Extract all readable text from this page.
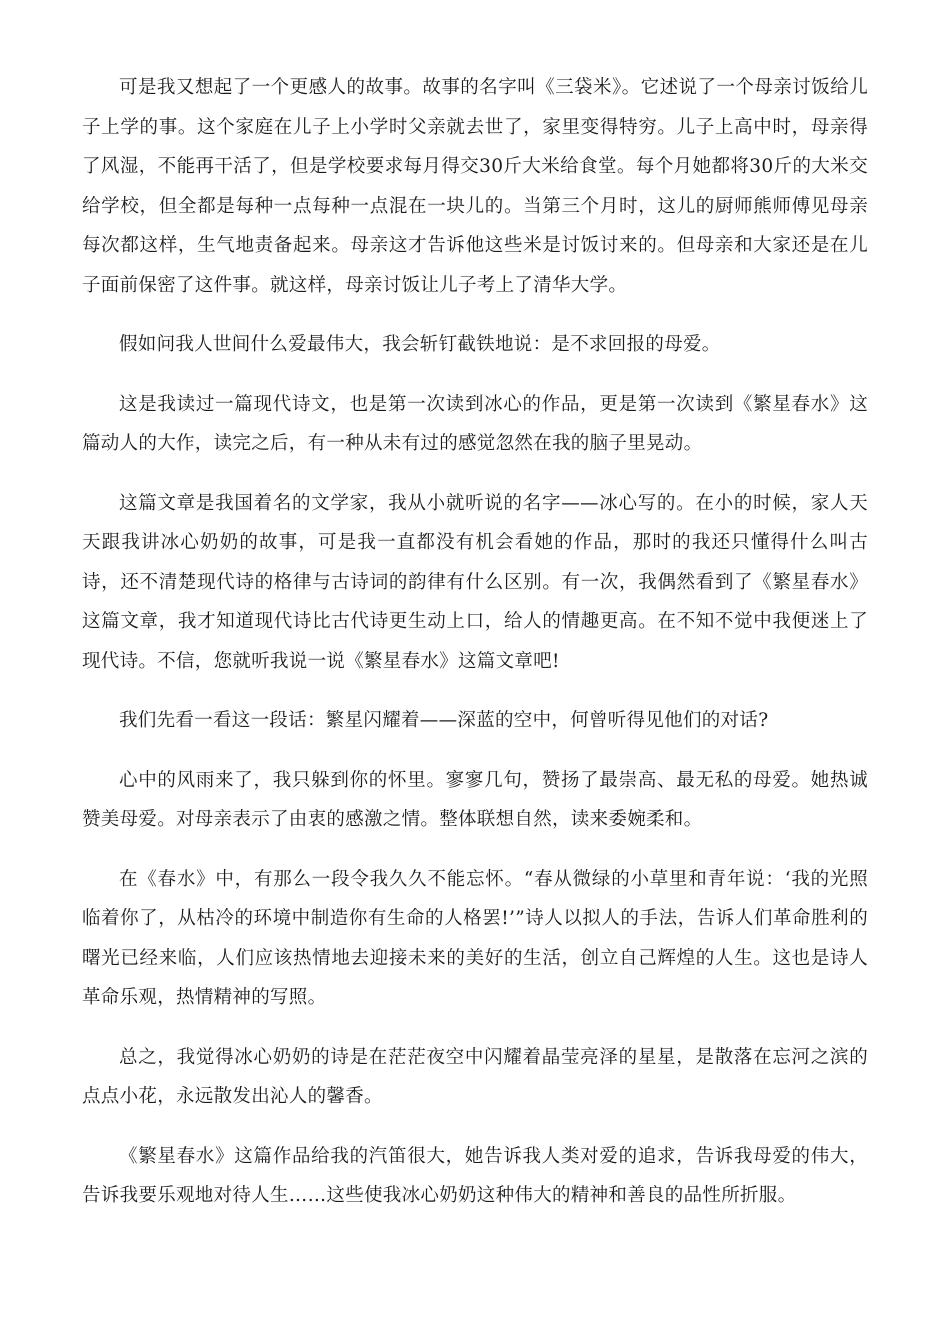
可是我又想起了一个更感人的故事。故事的名字叫《三袋米》。它述说了一个母亲讨饭给儿子上学的事。这个家庭在儿子上小学时父亲就去世了，家里变得特穷。儿子上高中时，母亲得了风湿，不能再干活了，但是学校要求每月得交30斤大米给食堂。每个月她都将30斤的大米交给学校，但全都是每种一点每种一点混在一块儿的。当第三个月时，这儿的厨师熊师傅见母亲每次都这样，生气地责备起来。母亲这才告诉他这些米是讨饭讨来的。但母亲和大家还是在儿子面前保密了这件事。就这样，母亲讨饭让儿子考上了清华大学。

假如问我人世间什么爱最伟大，我会斩钉截铁地说：是不求回报的母爱。

这是我读过一篇现代诗文，也是第一次读到冰心的作品，更是第一次读到《繁星春水》这篇动人的大作，读完之后，有一种从未有过的感觉忽然在我的脑子里晃动。

这篇文章是我国着名的文学家，我从小就听说的名字——冰心写的。在小的时候，家人天天跟我讲冰心奶奶的故事，可是我一直都没有机会看她的作品，那时的我还只懂得什么叫古诗，还不清楚现代诗的格律与古诗词的韵律有什么区别。有一次，我偶然看到了《繁星春水》这篇文章，我才知道现代诗比古代诗更生动上口，给人的情趣更高。在不知不觉中我便迷上了现代诗。不信，您就听我说一说《繁星春水》这篇文章吧!

我们先看一看这一段话：繁星闪耀着——深蓝的空中，何曾听得见他们的对话?

心中的风雨来了，我只躲到你的怀里。寥寥几句，赞扬了最崇高、最无私的母爱。她热诚赞美母爱。对母亲表示了由衷的感激之情。整体联想自然，读来委婉柔和。

在《春水》中，有那么一段令我久久不能忘怀。“春从微绿的小草里和青年说：‘我的光照临着你了，从枯冷的环境中制造你有生命的人格罢!’”诗人以拟人的手法，告诉人们革命胜利的曙光已经来临，人们应该热情地去迎接未来的美好的生活，创立自己辉煌的人生。这也是诗人革命乐观，热情精神的写照。

总之，我觉得冰心奶奶的诗是在茫茫夜空中闪耀着晶莹亮泽的星星，是散落在忘河之滨的点点小花，永远散发出沁人的馨香。

《繁星春水》这篇作品给我的汽笛很大，她告诉我人类对爱的追求，告诉我母爱的伟大，告诉我要乐观地对待人生……这些使我冰心奶奶这种伟大的精神和善良的品性所折服。
